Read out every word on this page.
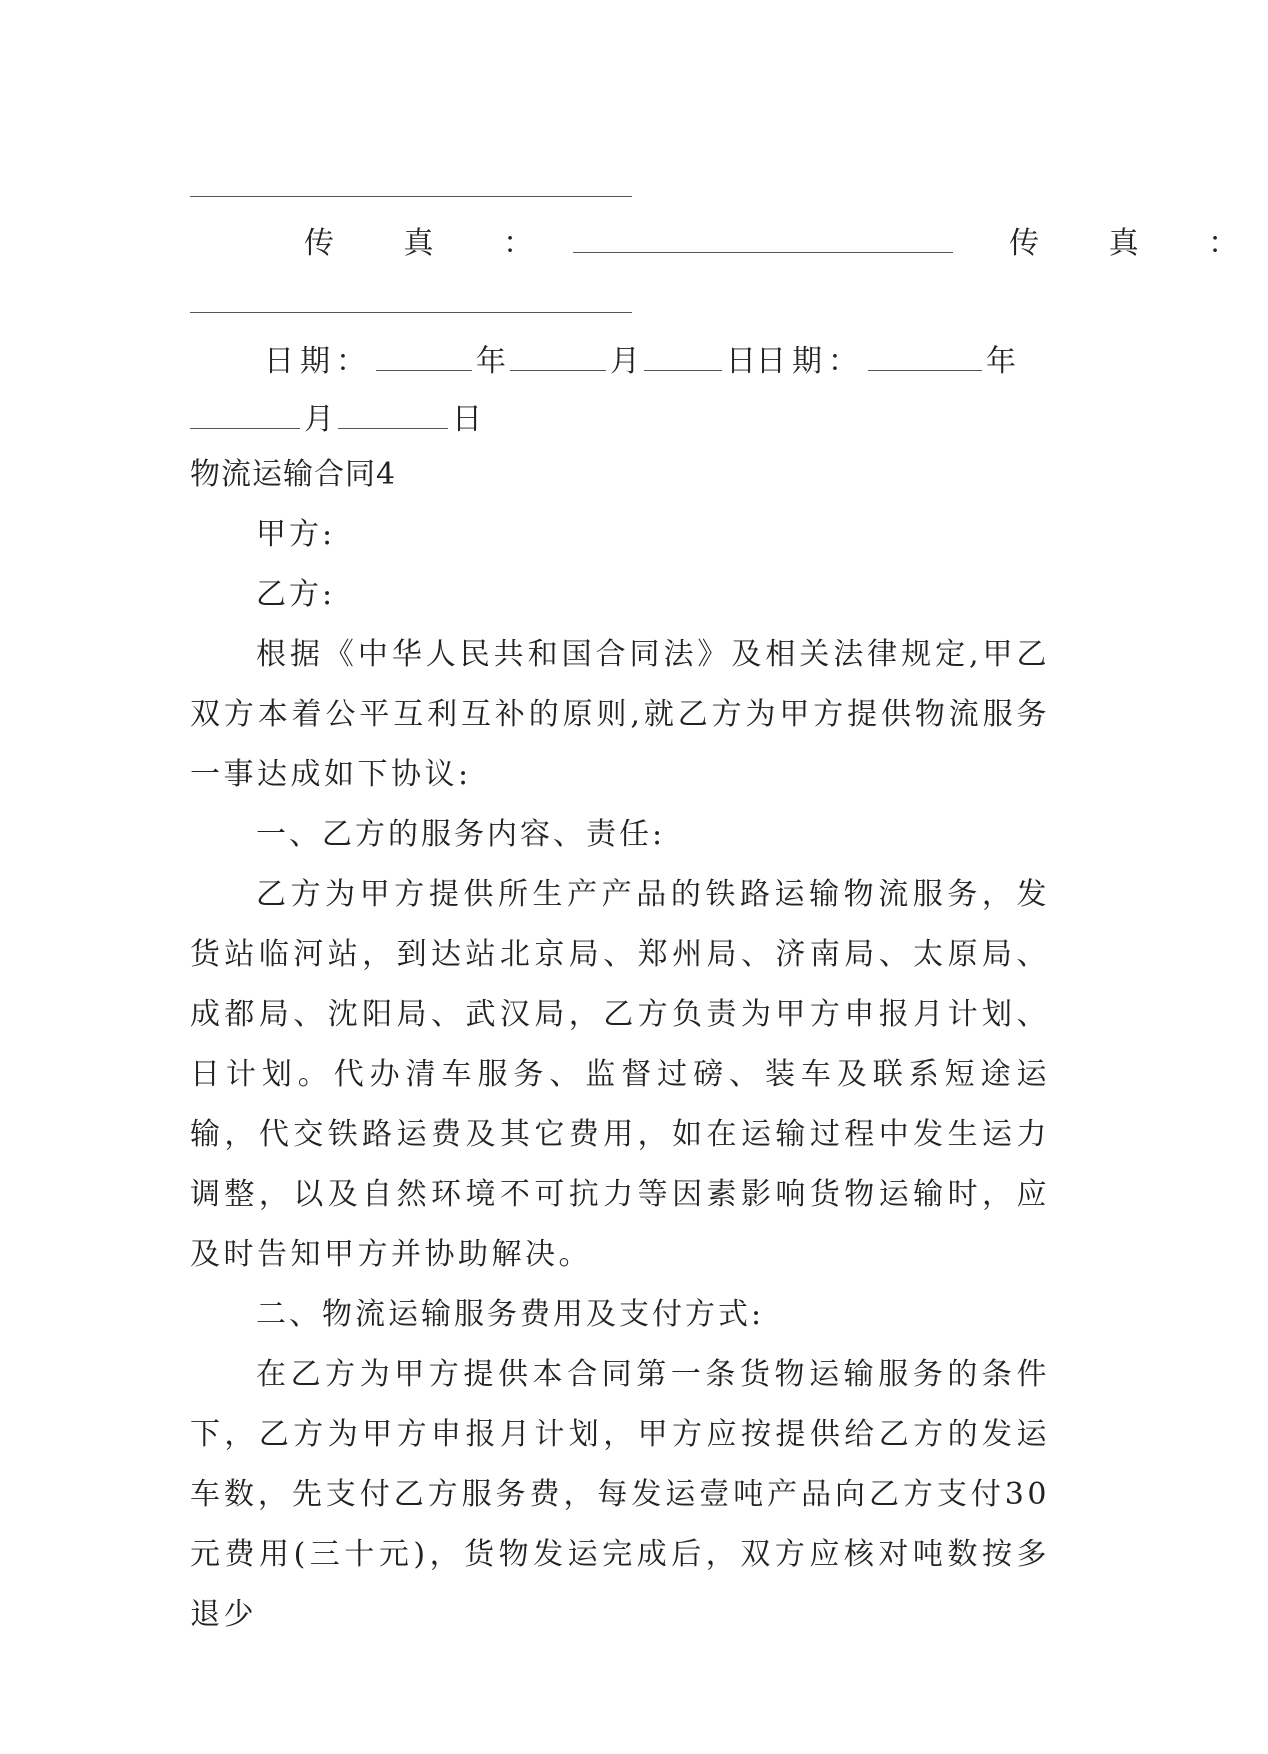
传 真 ：	传 真 ：
日期：	年	月	日日期：	年
月	日
物流运输合同4
甲方:
乙方:
根据《中华人民共和国合同法》及相关法律规定,甲乙双方本着公平互利互补的原则,就乙方为甲方提供物流服务一事达成如下协议:
一、乙方的服务内容、责任:
乙方为甲方提供所生产产品的铁路运输物流服务，发货站临河站，到达站北京局、郑州局、济南局、太原局、成都局、沈阳局、武汉局，乙方负责为甲方申报月计划、日计划。代办清车服务、监督过磅、装车及联系短途运输，代交铁路运费及其它费用，如在运输过程中发生运力调整，以及自然环境不可抗力等因素影响货物运输时，应及时告知甲方并协助解决。
二、物流运输服务费用及支付方式:
在乙方为甲方提供本合同第一条货物运输服务的条件下，乙方为甲方申报月计划，甲方应按提供给乙方的发运车数，先支付乙方服务费，每发运壹吨产品向乙方支付30元费用(三十元)，货物发运完成后，双方应核对吨数按多退少
